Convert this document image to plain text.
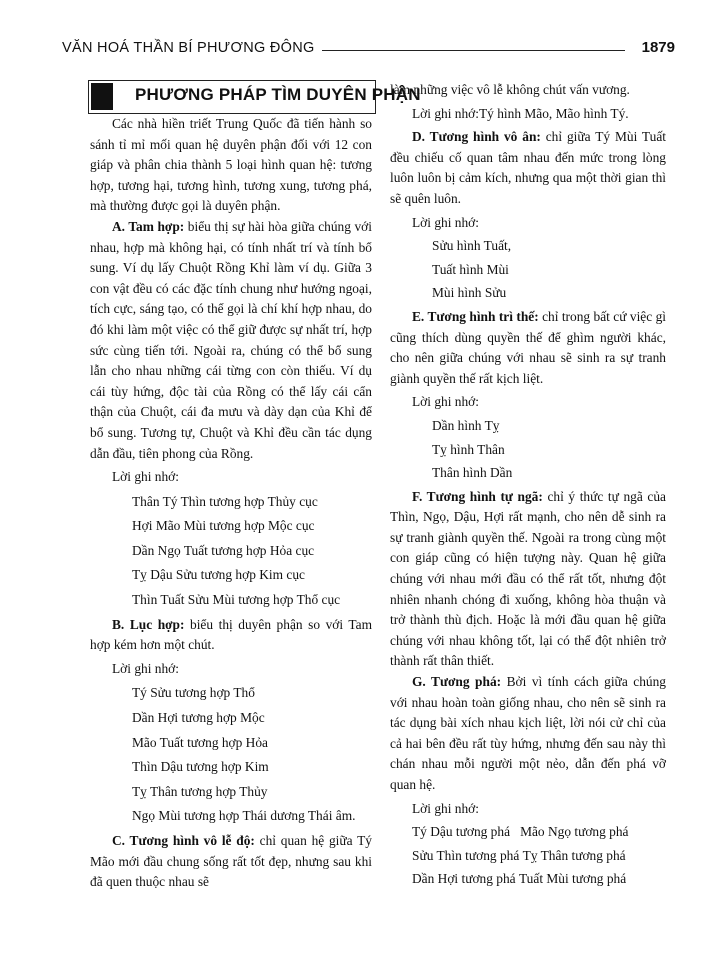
VĂN HOÁ THẦN BÍ PHƯƠNG ĐÔNG	1879
PHƯƠNG PHÁP TÌM DUYÊN PHẬN

Các nhà hiền triết Trung Quốc đã tiến hành so sánh tỉ mỉ mối quan hệ duyên phận đối với 12 con giáp và phân chia thành 5 loại hình quan hệ: tương hợp, tương hại, tương hình, tương xung, tương phá, mà thường được gọi là duyên phận.

A. Tam hợp: biểu thị sự hài hòa giữa chúng với nhau, hợp mà không hại, có tính nhất trí và tính bổ sung. Ví dụ lấy Chuột Rồng Khỉ làm ví dụ. Giữa 3 con vật đều có các đặc tính chung như hướng ngoại, tích cực, sáng tạo, có thể gọi là chí khí hợp nhau, do đó khi làm một việc có thể giữ được sự nhất trí, hợp sức cùng tiến tới. Ngoài ra, chúng có thể bổ sung lẫn cho nhau những cái từng con còn thiếu. Ví dụ cái tùy hứng, độc tài của Rồng có thể lấy cái cẩn thận của Chuột, cái đa mưu và dày dạn của Khỉ để bổ sung. Tương tự, Chuột và Khỉ đều cần tác dụng dẫn đầu, tiên phong của Rồng.

Lời ghi nhớ:
Thân Tý Thìn tương hợp Thủy cục
Hợi Mão Mùi tương hợp Mộc cục
Dần Ngọ Tuất tương hợp Hỏa cục
Tỵ Dậu Sửu tương hợp Kim cục
Thìn Tuất Sửu Mùi tương hợp Thổ cục

B. Lục hợp: biểu thị duyên phận so với Tam hợp kém hơn một chút.

Lời ghi nhớ:
Tý Sửu tương hợp Thổ
Dần Hợi tương hợp Mộc
Mão Tuất tương hợp Hỏa
Thìn Dậu tương hợp Kim
Tỵ Thân tương hợp Thủy
Ngọ Mùi tương hợp Thái dương Thái âm.

C. Tương hình vô lễ độ: chỉ quan hệ giữa Tý Mão mới đầu chung sống rất tốt đẹp, nhưng sau khi đã quen thuộc nhau sẽ

làm những việc vô lễ không chút vấn vương.

Lời ghi nhớ:Tý hình Mão, Mão hình Tý.

D. Tương hình vô ân: chỉ giữa Tý Mùi Tuất đều chiếu cố quan tâm nhau đến mức trong lòng luôn luôn bị cảm kích, nhưng qua một thời gian thì sẽ quên luôn.

Lời ghi nhớ:
Sửu hình Tuất,
Tuất hình Mùi
Mùi hình Sửu

E. Tương hình trì thế: chỉ trong bất cứ việc gì cũng thích dùng quyền thế để ghìm người khác, cho nên giữa chúng với nhau sẽ sinh ra sự tranh giành quyền thế rất kịch liệt.

Lời ghi nhớ:
Dần hình Tỵ
Tỵ hình Thân
Thân hình Dần

F. Tương hình tự ngã: chỉ ý thức tự ngã của Thìn, Ngọ, Dậu, Hợi rất mạnh, cho nên dễ sinh ra sự tranh giành quyền thế. Ngoài ra trong cùng một con giáp cũng có hiện tượng này. Quan hệ giữa chúng với nhau mới đầu có thể rất tốt, nhưng đột nhiên nhanh chóng đi xuống, không hòa thuận và trở thành thù địch. Hoặc là mới đầu quan hệ giữa chúng với nhau không tốt, lại có thể đột nhiên trở thành rất thân thiết.

G. Tương phá: Bởi vì tính cách giữa chúng với nhau hoàn toàn giống nhau, cho nên sẽ sinh ra tác dụng bài xích nhau kịch liệt, lời nói cử chỉ của cả hai bên đều rất tùy hứng, nhưng đến sau này thì chán nhau mỗi người một nẻo, dẫn đến phá vỡ quan hệ.

Lời ghi nhớ:
Tý Dậu tương phá Mão Ngọ tương phá
Sửu Thìn tương phá Tỵ Thân tương phá
Dần Hợi tương phá Tuất Mùi tương phá
